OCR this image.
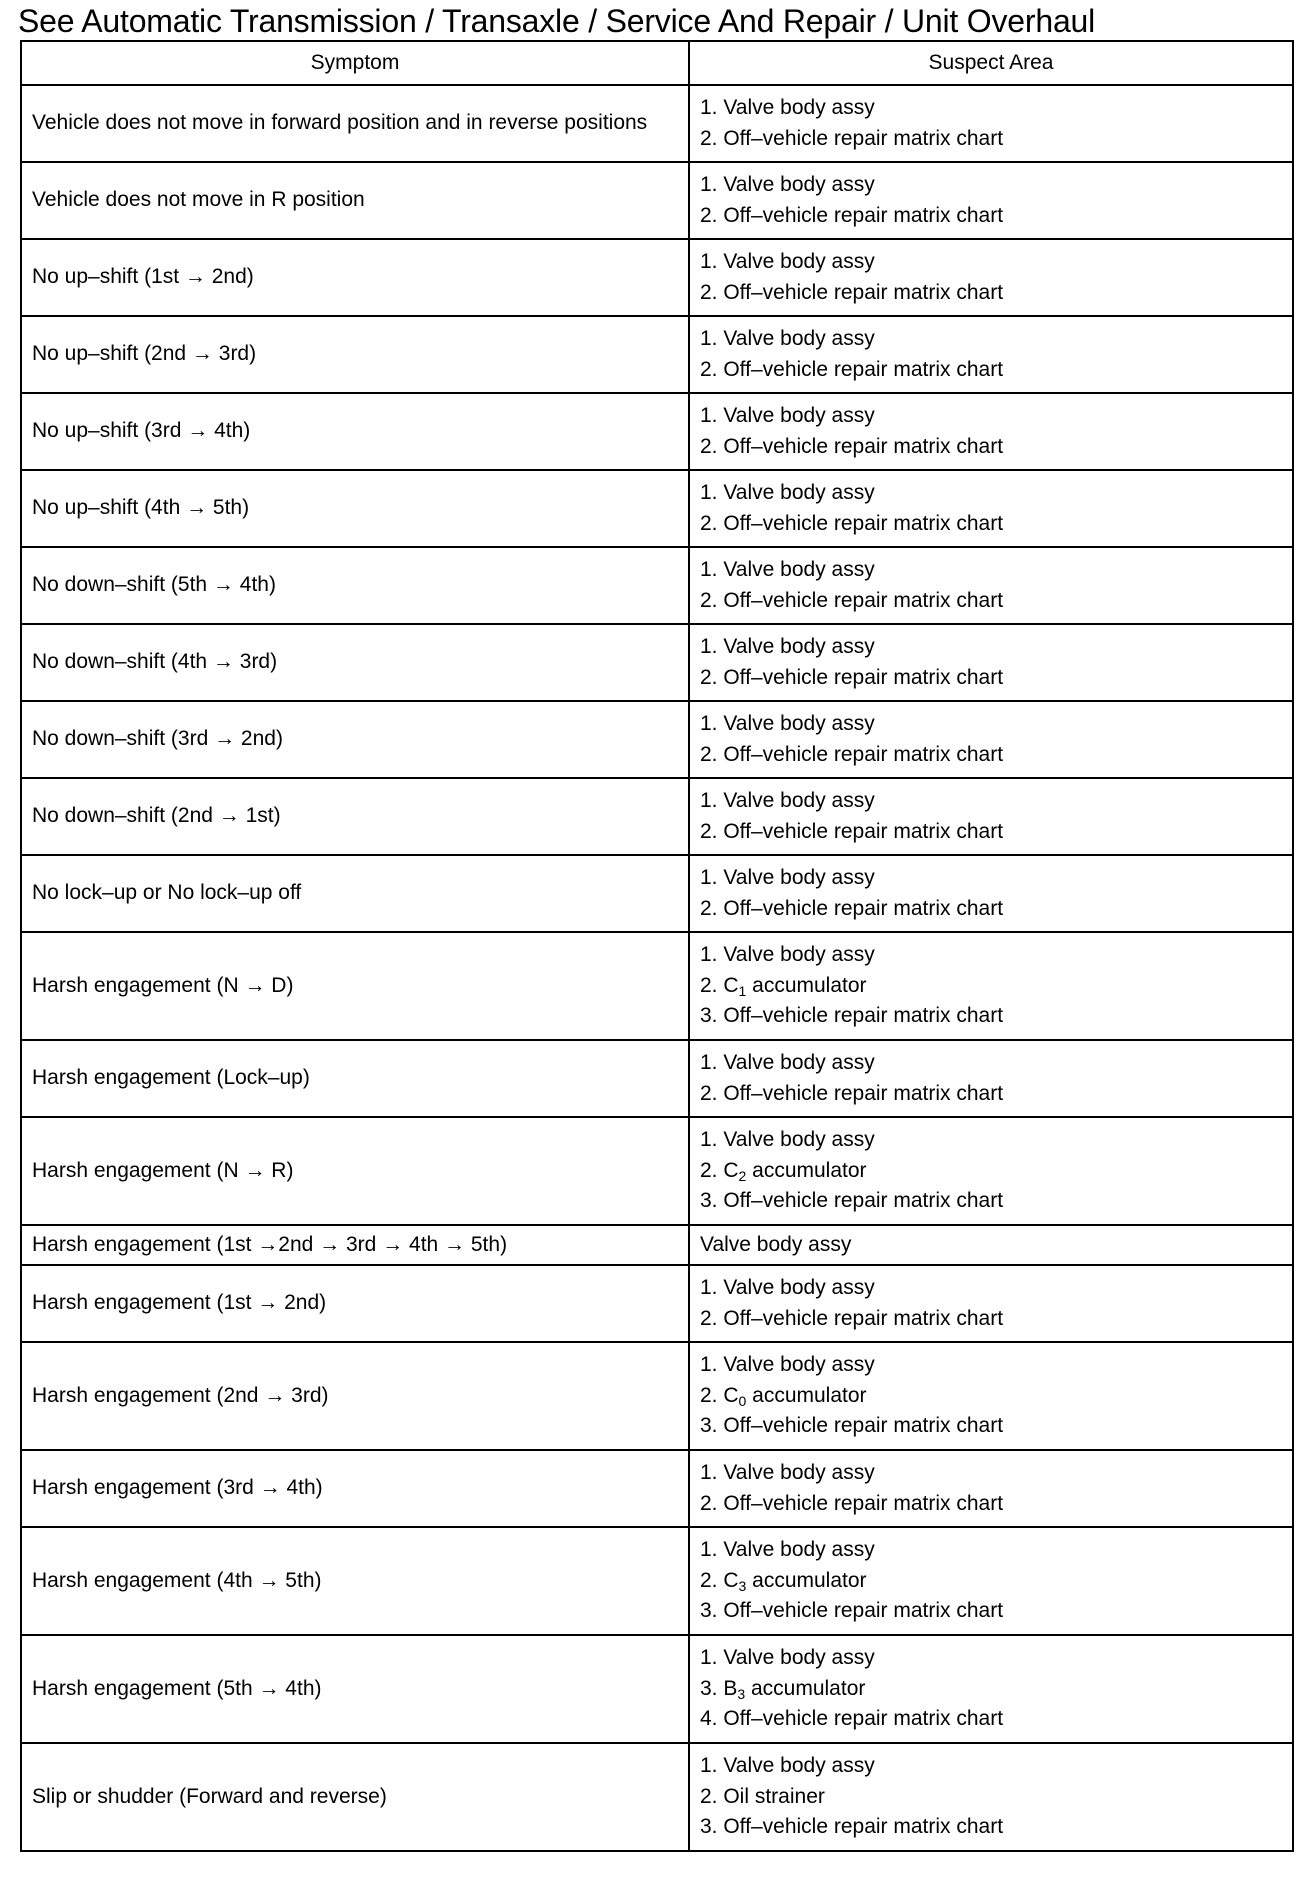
See Automatic Transmission / Transaxle / Service And Repair / Unit Overhaul
Symptom	Suspect Area
Vehicle does not move in forward position and in reverse positions	1. Valve body assy
2. Off–vehicle repair matrix chart

Vehicle does not move in R position	1. Valve body assy
2. Off–vehicle repair matrix chart

No up–shift (1st → 2nd)	1. Valve body assy
2. Off–vehicle repair matrix chart

No up–shift (2nd → 3rd)	1. Valve body assy
2. Off–vehicle repair matrix chart

No up–shift (3rd → 4th)	1. Valve body assy
2. Off–vehicle repair matrix chart

No up–shift (4th → 5th)	1. Valve body assy
2. Off–vehicle repair matrix chart

No down–shift (5th → 4th)	1. Valve body assy
2. Off–vehicle repair matrix chart

No down–shift (4th → 3rd)	1. Valve body assy
2. Off–vehicle repair matrix chart

No down–shift (3rd → 2nd)	1. Valve body assy
2. Off–vehicle repair matrix chart

No down–shift (2nd → 1st)	1. Valve body assy
2. Off–vehicle repair matrix chart

No lock–up or No lock–up off	1. Valve body assy
2. Off–vehicle repair matrix chart

Harsh engagement (N → D)	1. Valve body assy
2. $C_1$ accumulator
3. Off–vehicle repair matrix chart

Harsh engagement (Lock–up)	1. Valve body assy
2. Off–vehicle repair matrix chart

Harsh engagement (N → R)	1. Valve body assy
2. $C_2$ accumulator
3. Off–vehicle repair matrix chart

Harsh engagement (1st →2nd → 3rd → 4th → 5th)	Valve body assy

Harsh engagement (1st → 2nd)	1. Valve body assy
2. Off–vehicle repair matrix chart

Harsh engagement (2nd → 3rd)	1. Valve body assy
2. $C_0$ accumulator
3. Off–vehicle repair matrix chart

Harsh engagement (3rd → 4th)	1. Valve body assy
2. Off–vehicle repair matrix chart

Harsh engagement (4th → 5th)	1. Valve body assy
2. $C_3$ accumulator
3. Off–vehicle repair matrix chart

Harsh engagement (5th → 4th)	1. Valve body assy
3. $B_3$ accumulator
4. Off–vehicle repair matrix chart

Slip or shudder (Forward and reverse)	1. Valve body assy
2. Oil strainer
3. Off–vehicle repair matrix chart
